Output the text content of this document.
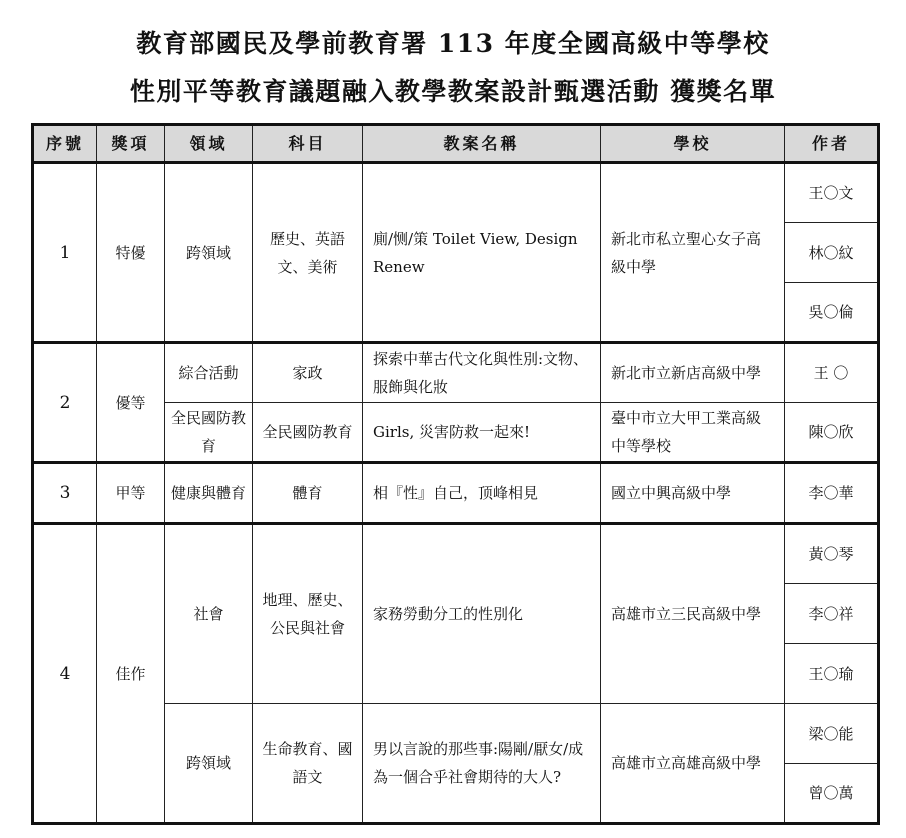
教育部國民及學前教育署 113 年度全國高級中等學校
性別平等教育議題融入教學教案設計甄選活動 獲獎名單
序號	獎項	領域	科目	教案名稱	學校	作者
1	特優	跨領域	歷史、英語文、美術	廁/恻/策 Toilet View, Design Renew	新北市私立聖心女子高級中學	王〇文
						林〇紋
						吳〇倫
2	優等	綜合活動	家政	探索中華古代文化與性別:文物、服飾與化妝	新北市立新店高級中學	王 〇
		全民國防教育	全民國防教育	Girls, 災害防救一起來!	臺中市立大甲工業高級中等學校	陳〇欣
3	甲等	健康與體育	體育	相『性』自己，顶峰相見	國立中興高級中學	李〇華
4	佳作	社會	地理、歷史、公民與社會	家務勞動分工的性別化	高雄市立三民高級中學	黃〇琴
						李〇祥
						王〇瑜
		跨領域	生命教育、國語文	男以言說的那些事:陽剛/厭女/成為一個合乎社會期待的大人?	高雄市立高雄高級中學	梁〇能
						曾〇萬
